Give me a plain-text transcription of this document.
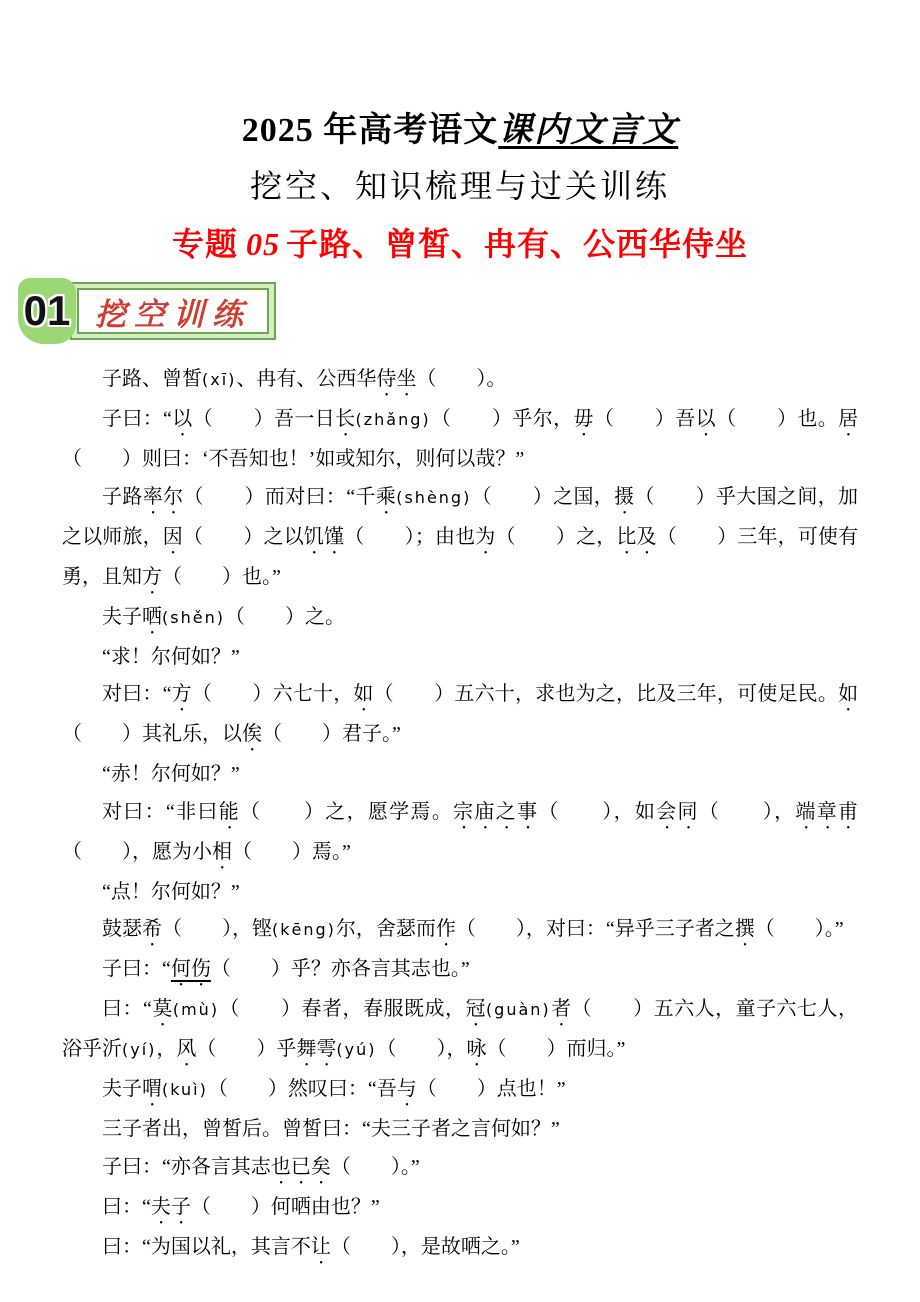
2025 年高考语文课内文言文
挖空、知识梳理与过关训练
专题 05 子路、曾皙、冉有、公西华侍坐
01 挖空训练

子路、曾皙(xī)、冉有、公西华侍坐（　　）。

子曰：“以（　　）吾一日长(zhǎng)（　　）乎尔，毋（　　）吾以（　　）也。居（　　）则曰：‘不吾知也！’如或知尔，则何以哉？”

子路率尔（　　）而对曰：“千乘(shèng)（　　）之国，摄（　　）乎大国之间，加之以师旅，因（　　）之以饥馑（　　）；由也为（　　）之，比及（　　）三年，可使有勇，且知方（　　）也。”

夫子哂(shěn)（　　）之。

“求！尔何如？”

对曰：“方（　　）六七十，如（　　）五六十，求也为之，比及三年，可使足民。如（　　）其礼乐，以俟（　　）君子。”

“赤！尔何如？”

对曰：“非曰能（　　）之，愿学焉。宗庙之事（　　），如会同（　　），端章甫（　　），愿为小相（　　）焉。”

“点！尔何如？”

鼓瑟希（　　），铿(kēng)尔，舍瑟而作（　　），对曰：“异乎三子者之撰（　　）。”

子曰：“何伤（　　）乎？亦各言其志也。”

曰：“莫(mù)（　　）春者，春服既成，冠(guàn)者（　　）五六人，童子六七人，浴乎沂(yí)，风（　　）乎舞雩(yú)（　　），咏（　　）而归。”

夫子喟(kuì)（　　）然叹曰：“吾与（　　）点也！”

三子者出，曾皙后。曾皙曰：“夫三子者之言何如？”

子曰：“亦各言其志也已矣（　　）。”

曰：“夫子（　　）何哂由也？”

曰：“为国以礼，其言不让（　　），是故哂之。”
